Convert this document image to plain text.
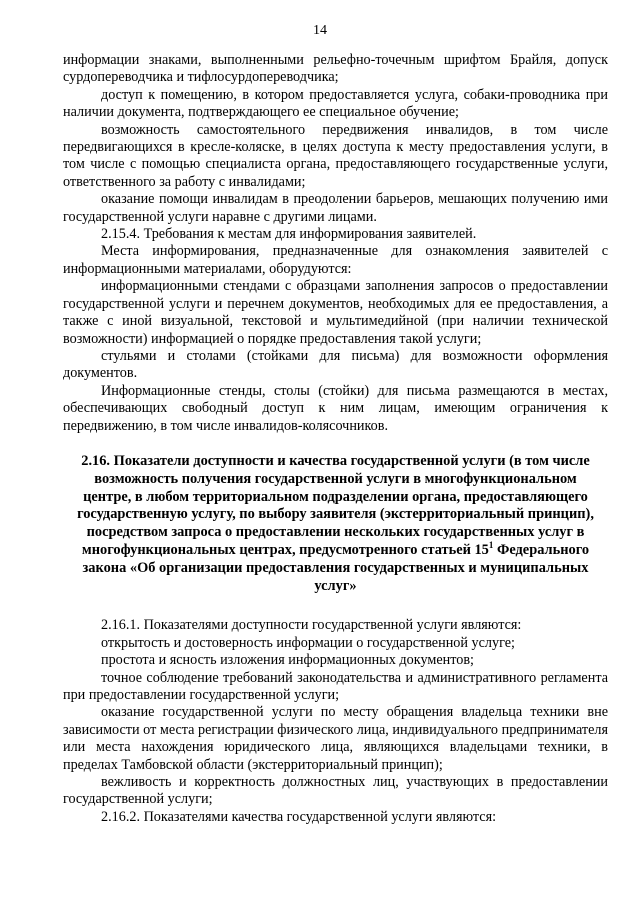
14

информации знаками, выполненными рельефно-точечным шрифтом Брайля, допуск сурдопереводчика и тифлосурдопереводчика;

доступ к помещению, в котором предоставляется услуга, собаки-проводника при наличии документа, подтверждающего ее специальное обучение;

возможность самостоятельного передвижения инвалидов, в том числе передвигающихся в кресле-коляске, в целях доступа к месту предоставления услуги, в том числе с помощью специалиста органа, предоставляющего государственные услуги, ответственного за работу с инвалидами;

оказание помощи инвалидам в преодолении барьеров, мешающих получению ими государственной услуги наравне с другими лицами.

2.15.4. Требования к местам для информирования заявителей.

Места информирования, предназначенные для ознакомления заявителей с информационными материалами, оборудуются:

информационными стендами с образцами заполнения запросов о предоставлении государственной услуги и перечнем документов, необходимых для ее предоставления, а также с иной визуальной, текстовой и мультимедийной (при наличии технической возможности) информацией о порядке предоставления такой услуги;

стульями и столами (стойками для письма) для возможности оформления документов.

Информационные стенды, столы (стойки) для письма размещаются в местах, обеспечивающих свободный доступ к ним лицам, имеющим ограничения к передвижению, в том числе инвалидов-колясочников.

2.16. Показатели доступности и качества государственной услуги (в том числе возможность получения государственной услуги в многофункциональном центре, в любом территориальном подразделении органа, предоставляющего государственную услугу, по выбору заявителя (экстерриториальный принцип), посредством запроса о предоставлении нескольких государственных услуг в многофункциональных центрах, предусмотренного статьей $15^1$ Федерального закона «Об организации предоставления государственных и муниципальных услуг»

2.16.1. Показателями доступности государственной услуги являются:

открытость и достоверность информации о государственной услуге;

простота и ясность изложения информационных документов;

точное соблюдение требований законодательства и административного регламента при предоставлении государственной услуги;

оказание государственной услуги по месту обращения владельца техники вне зависимости от места регистрации физического лица, индивидуального предпринимателя или места нахождения юридического лица, являющихся владельцами техники, в пределах Тамбовской области (экстерриториальный принцип);

вежливость и корректность должностных лиц, участвующих в предоставлении государственной услуги;

2.16.2. Показателями качества государственной услуги являются:
